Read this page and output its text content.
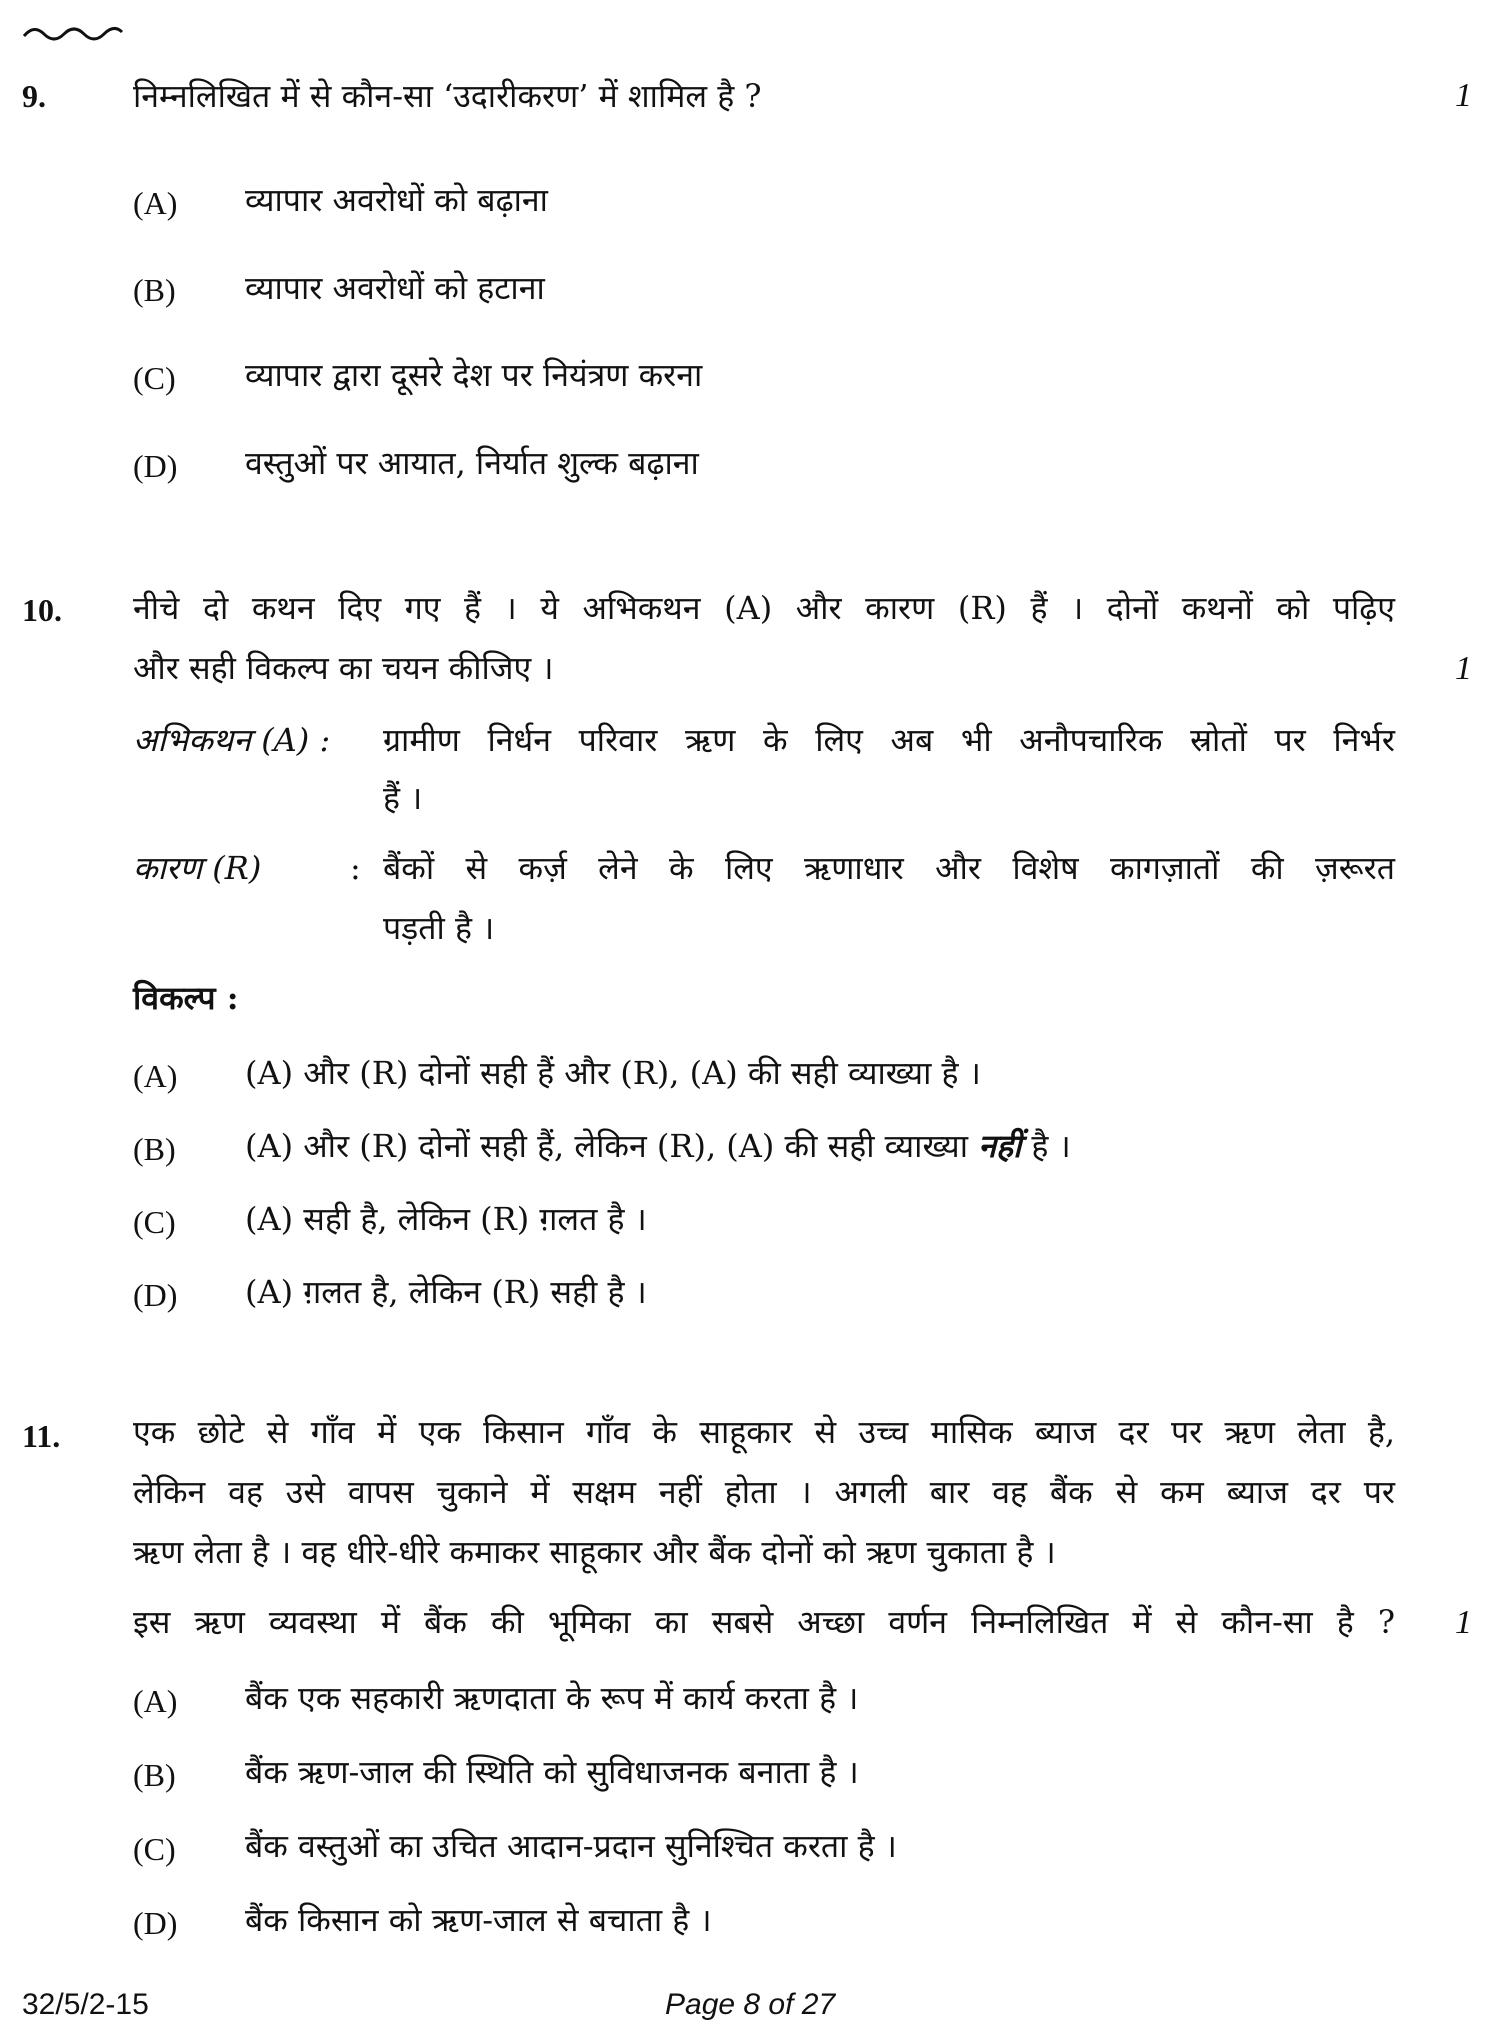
9.	निम्नलिखित में से कौन-सा ‘उदारीकरण’ में शामिल है ?	1
(A) व्यापार अवरोधों को बढ़ाना
(B) व्यापार अवरोधों को हटाना
(C) व्यापार द्वारा दूसरे देश पर नियंत्रण करना
(D) वस्तुओं पर आयात, निर्यात शुल्क बढ़ाना
10. नीचे दो कथन दिए गए हैं । ये अभिकथन (A) और कारण (R) हैं । दोनों कथनों को पढ़िए
और सही विकल्प का चयन कीजिए ।	1
अभिकथन (A) : ग्रामीण निर्धन परिवार ऋण के लिए अब भी अनौपचारिक स्रोतों पर निर्भर
हैं ।
कारण (R)	: बैंकों से कर्ज़ लेने के लिए ऋणाधार और विशेष कागज़ातों की ज़रूरत
पड़ती है ।
विकल्प :
(A) (A) और (R) दोनों सही हैं और (R), (A) की सही व्याख्या है ।
(B) (A) और (R) दोनों सही हैं, लेकिन (R), (A) की सही व्याख्या नहीं है ।
(C) (A) सही है, लेकिन (R) ग़लत है ।
(D) (A) ग़लत है, लेकिन (R) सही है ।
11. एक छोटे से गाँव में एक किसान गाँव के साहूकार से उच्च मासिक ब्याज दर पर ऋण लेता है,
लेकिन वह उसे वापस चुकाने में सक्षम नहीं होता । अगली बार वह बैंक से कम ब्याज दर पर
ऋण लेता है । वह धीरे-धीरे कमाकर साहूकार और बैंक दोनों को ऋण चुकाता है ।
इस ऋण व्यवस्था में बैंक की भूमिका का सबसे अच्छा वर्णन निम्नलिखित में से कौन-सा है ? 1
(A) बैंक एक सहकारी ऋणदाता के रूप में कार्य करता है ।
(B) बैंक ऋण-जाल की स्थिति को सुविधाजनक बनाता है ।
(C) बैंक वस्तुओं का उचित आदान-प्रदान सुनिश्चित करता है ।
(D) बैंक किसान को ऋण-जाल से बचाता है ।
32/5/2-15	Page 8 of 27
